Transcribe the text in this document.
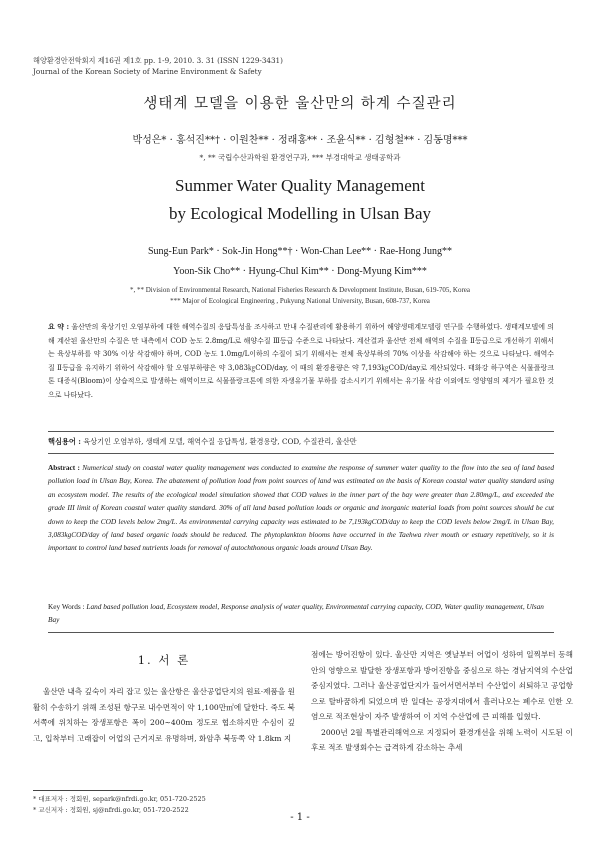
해양환경안전학회지 제16권 제1호 pp. 1-9, 2010. 3. 31 (ISSN 1229-3431)
Journal of the Korean Society of Marine Environment & Safety
생태계 모델을 이용한 울산만의 하계 수질관리
박성은* · 홍석진**† · 이원찬** · 정래홍** · 조윤식** · 김형철** · 김동명***
*, ** 국립수산과학원 환경연구과, *** 부경대학교 생태공학과
Summer Water Quality Management
by Ecological Modelling in Ulsan Bay
Sung-Eun Park* · Sok-Jin Hong**† · Won-Chan Lee** · Rae-Hong Jung**
Yoon-Sik Cho** · Hyung-Chul Kim** · Dong-Myung Kim***
*, ** Division of Environmental Research, National Fisheries Research & Development Institute, Busan, 619-705, Korea
*** Major of Ecological Engineering , Pukyung National University, Busan, 608-737, Korea
요 약 : 울산만의 육상기인 오염부하에 대한 해역수질의 응답특성을 조사하고 만내 수질관리에 활용하기 위하여 해양생태계모델링 연구를 수행하였다. 생태계모델에 의해 계산된 울산만의 수질은 만 내측에서 COD 농도 2.8mg/L로 해양수질 Ⅲ등급 수준으로 나타났다. 계산결과 울산만 전체 해역의 수질을 Ⅱ등급으로 개선하기 위해서는 육상부하를 약 30% 이상 삭감해야 하며, COD 농도 1.0mg/L이하의 수질이 되기 위해서는 전체 육상부하의 70% 이상을 삭감해야 하는 것으로 나타났다. 해역수질 Ⅱ등급을 유지하기 위하여 삭감해야 할 오염부하량은 약 3,083㎏COD/day, 이 때의 환경용량은 약 7,193㎏COD/day로 계산되었다. 태화강 하구역은 식물플랑크톤 대증식(Bloom)이 상습적으로 발생하는 해역이므로 식물플랑크톤에 의한 자생유기물 부하를 감소시키기 위해서는 유기물 삭감 이외에도 영양염의 제거가 필요한 것으로 나타났다.
핵심용어 : 육상기인 오염부하, 생태계 모델, 해역수질 응답특성, 환경용량, COD, 수질관리, 울산만
Abstract : Numerical study on coastal water quality management was conducted to examine the response of summer water quality to the flow into the sea of land based pollution load in Ulsan Bay, Korea. The abatement of pollution load from point sources of land was estimated on the basis of Korean coastal water quality standard using an ecosystem model. The results of the ecological model simulation showed that COD values in the inner part of the bay were greater than 2.80mg/L, and exceeded the grade III limit of Korean coastal water quality standard. 30% of all land based pollution loads or organic and inorganic material loads from point sources should be cut down to keep the COD levels below 2mg/L. As environmental carrying capacity was estimated to be 7,193kgCOD/day to keep the COD levels below 2mg/L in Ulsan Bay, 3,083kgCOD/day of land based organic loads should be reduced. The phytoplankton blooms have occurred in the Taehwa river mouth or estuary repetitively, so it is important to control land based nutrients loads for removal of autochthonous organic loads around Ulsan Bay.
Key Words : Land based pollution load, Ecosystem model, Response analysis of water quality, Environmental carrying capacity, COD, Water quality management, Ulsan Bay
1. 서 론

울산만 내측 깊숙이 자리 잡고 있는 울산항은 울산공업단지의 원료·제품을 원활히 수송하기 위해 조성된 항구로 내수면적이 약 1,100만㎡에 달한다. 죽도 북서쪽에 위치하는 장생포항은 폭이 200∼400m 정도로 협소하지만 수심이 깊고, 입착부터 고래잡이 어업의 근거지로 유명하며, 화암추 북동쪽 약 1.8km 지

점에는 방어진항이 있다. 울산만 지역은 옛날부터 어업이 성하여 일찍부터 동해안의 영향으로 발달한 장생포항과 방어진항을 중심으로 하는 경남지역의 수산업 중심지였다. 그러나 울산공업단지가 들어서면서부터 수산업이 쇠퇴하고 공업항으로 탈바꿈하게 되었으며 반 일대는 공장지대에서 흘러나오는 폐수로 인한 오염으로 적조현상이 자주 발생하여 이 지역 수산업에 큰 피해를 입혔다.

2000년 2월 특별관리해역으로 지정되어 환경개선을 위해 노력이 시도된 이후로 적조 발생회수는 급격하게 감소하는 추세

* 대표저자 : 정회원, separk@nfrdi.go.kr, 051-720-2525
* 교신저자 : 정회원, sj@nfrdi.go.kr, 051-720-2522
- 1 -
